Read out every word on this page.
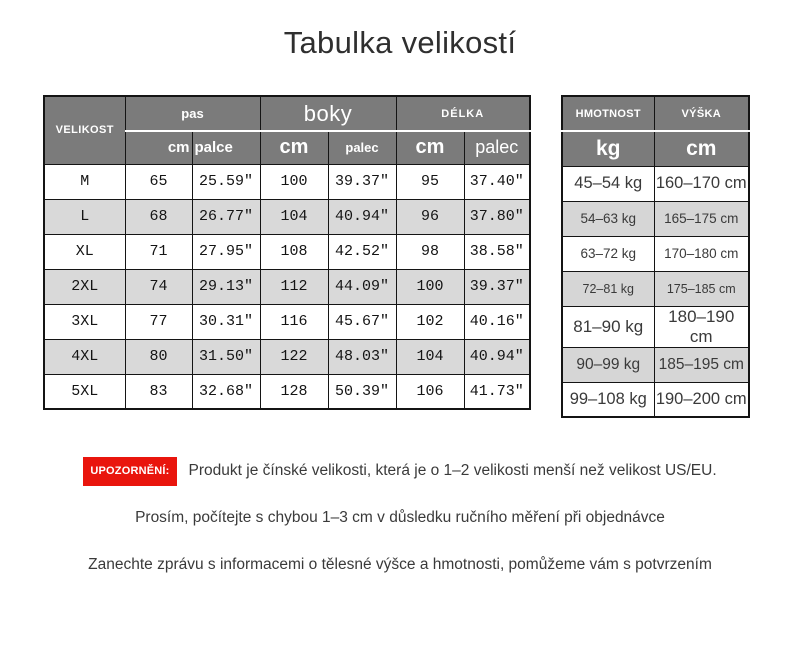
Tabulka velikostí
VELIKOST	pas		boky		DÉLKA	
	cm	palce	cm	palec	cm	palec
M	65	25.59″	100	39.37″	95	37.40″
L	68	26.77″	104	40.94″	96	37.80″
XL	71	27.95″	108	42.52″	98	38.58″
2XL	74	29.13″	112	44.09″	100	39.37″
3XL	77	30.31″	116	45.67″	102	40.16″
4XL	80	31.50″	122	48.03″	104	40.94″
5XL	83	32.68″	128	50.39″	106	41.73″
HMOTNOST	VÝŠKA
kg	cm
45–54 kg	160–170 cm
54–63 kg	165–175 cm
63–72 kg	170–180 cm
72–81 kg	175–185 cm
81–90 kg	180–190 cm
90–99 kg	185–195 cm
99–108 kg	190–200 cm
UPOZORNĚNÍ:	Produkt je čínské velikosti, která je o 1–2 velikosti menší než velikost US/EU.
Prosím, počítejte s chybou 1–3 cm v důsledku ručního měření při objednávce
Zanechte zprávu s informacemi o tělesné výšce a hmotnosti, pomůžeme vám s potvrzením
